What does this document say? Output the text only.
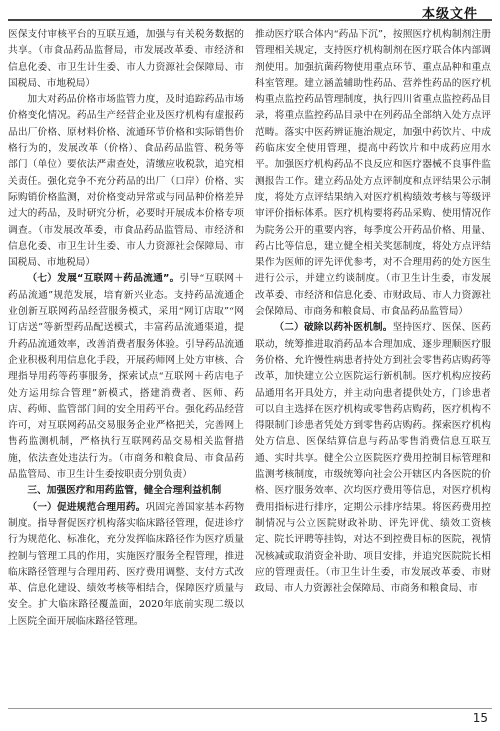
本级文件

医保支付审核平台的互联互通，加强与有关税务数据的共享。（市食品药品监督局，市发展改革委、市经济和信息化委、市卫生计生委、市人力资源社会保障局、市国税局、市地税局）

加大对药品价格市场监管力度，及时追踪药品市场价格变化情况。药品生产经营企业及医疗机构有虚报药品出厂价格、原材料价格、流通环节价格和实际销售价格行为的，发展改革（价格）、食品药品监管、税务等部门（单位）要依法严肃查处，清缴应收税款，追究相关责任。强化竞争不充分药品的出厂（口岸）价格、实际购销价格监测，对价格变动异常或与同品种价格差异过大的药品，及时研究分析，必要时开展成本价格专项调查。（市发展改革委，市食品药品监管局、市经济和信息化委、市卫生计生委、市人力资源社会保障局、市国税局、市地税局）

（七）发展“互联网＋药品流通”。引导“互联网＋药品流通”规范发展，培育新兴业态。支持药品流通企业创新互联网药品经营服务模式，采用“网订店取”“网订店送”等新型药品配送模式，丰富药品流通渠道，提升药品流通效率，改善消费者服务体验。引导药品流通企业积极利用信息化手段，开展药师网上处方审核、合理指导用药等药事服务，探索试点“互联网＋药店电子处方运用综合管理”新模式，搭建消费者、医师、药店、药师、监管部门间的安全用药平台。强化药品经营许可，对互联网药品交易服务企业严格把关，完善网上售药监测机制，严格执行互联网药品交易相关监督措施，依法查处违法行为。（市商务和粮食局、市食品药品监管局、市卫生计生委按职责分别负责）

三、加强医疗和用药监管，健全合理利益机制

（一）促进规范合理用药。巩固完善国家基本药物制度。指导督促医疗机构落实临床路径管理，促进诊疗行为规范化、标准化，充分发挥临床路径作为医疗质量控制与管理工具的作用，实施医疗服务全程管理，推进临床路径管理与合理用药、医疗费用调整、支付方式改革、信息化建设、绩效考核等相结合，保障医疗质量与安全。扩大临床路径覆盖面，2020年底前实现二级以上医院全面开展临床路径管理。

推动医疗联合体内“药品下沉”，按照医疗机构制剂注册管理相关规定，支持医疗机构制剂在医疗联合体内部调剂使用。加强抗菌药物使用重点环节、重点品种和重点科室管理。建立涵盖辅助性药品、营养性药品的医疗机构重点监控药品管理制度，执行四川省重点监控药品目录，将重点监控药品目录中在列药品全部纳入处方点评范畴。落实中医药辨证施治规定，加强中药饮片、中成药临床安全使用管理，提高中药饮片和中成药应用水平。加强医疗机构药品不良反应和医疗器械不良事件监测报告工作。建立药品处方点评制度和点评结果公示制度，将处方点评结果纳入对医疗机构绩效考核与等级评审评价指标体系。医疗机构要将药品采购、使用情况作为院务公开的重要内容，每季度公开药品价格、用量、药占比等信息，建立健全相关奖惩制度，将处方点评结果作为医师的评先评优参考，对不合理用药的处方医生进行公示，并建立约谈制度。（市卫生计生委，市发展改革委、市经济和信息化委、市财政局、市人力资源社会保障局、市商务和粮食局、市食品药品监管局）

（二）破除以药补医机制。坚持医疗、医保、医药联动，统筹推进取消药品本合理加成、逐步理顺医疗服务价格、允许慢性病患者持处方到社会零售药店购药等改革，加快建立公立医院运行新机制。医疗机构应按药品通用名开具处方，并主动向患者提供处方，门诊患者可以自主选择在医疗机构或零售药店购药，医疗机构不得限制门诊患者凭处方到零售药店购药。探索医疗机构处方信息、医保结算信息与药品零售消费信息互联互通、实时共享。健全公立医院医疗费用控制目标管理和监测考核制度，市级统筹向社会公开辖区内各医院的价格、医疗服务效率、次均医疗费用等信息，对医疗机构费用指标进行排序，定期公示排序结果。将医药费用控制情况与公立医院财政补助、评先评优、绩效工资核定、院长评聘等挂钩，对达不到控费目标的医院，视情况核减或取消资金补助、项目安排，并追究医院院长相应的管理责任。（市卫生计生委，市发展改革委、市财政局、市人力资源社会保障局、市商务和粮食局、市

15
